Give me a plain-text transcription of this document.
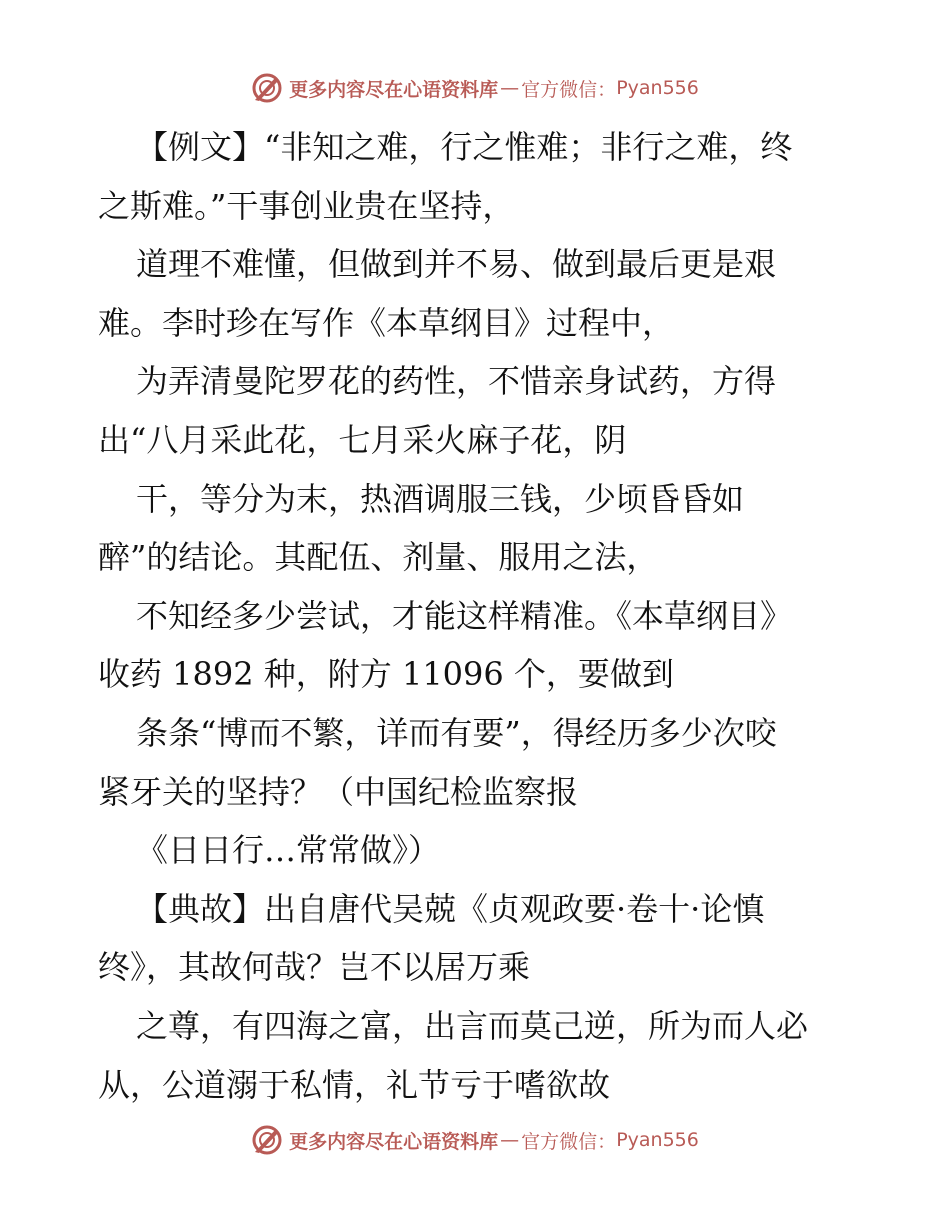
更多内容尽在心语资料库 — 官方微信： Pyan556
【例文】“非知之难，行之惟难；非行之难，终
之斯难。”干事创业贵在坚持，
道理不难懂，但做到并不易、做到最后更是艰
难。李时珍在写作《本草纲目》过程中，
为弄清曼陀罗花的药性，不惜亲身试药，方得
出“八月采此花，七月采火麻子花，阴
干，等分为末，热酒调服三钱，少顷昏昏如
醉”的结论。其配伍、剂量、服用之法，
不知经多少尝试，才能这样精准。《本草纲目》
收药 1892 种，附方 11096 个，要做到
条条“博而不繁，详而有要”，得经历多少次咬
紧牙关的坚持？（中国纪检监察报
《日日行…常常做》）
【典故】出自唐代吴兢《贞观政要·卷十·论慎
终》，其故何哉？岂不以居万乘
之尊，有四海之富，出言而莫己逆，所为而人必
从，公道溺于私情，礼节亏于嗜欲故
更多内容尽在心语资料库 — 官方微信： Pyan556
